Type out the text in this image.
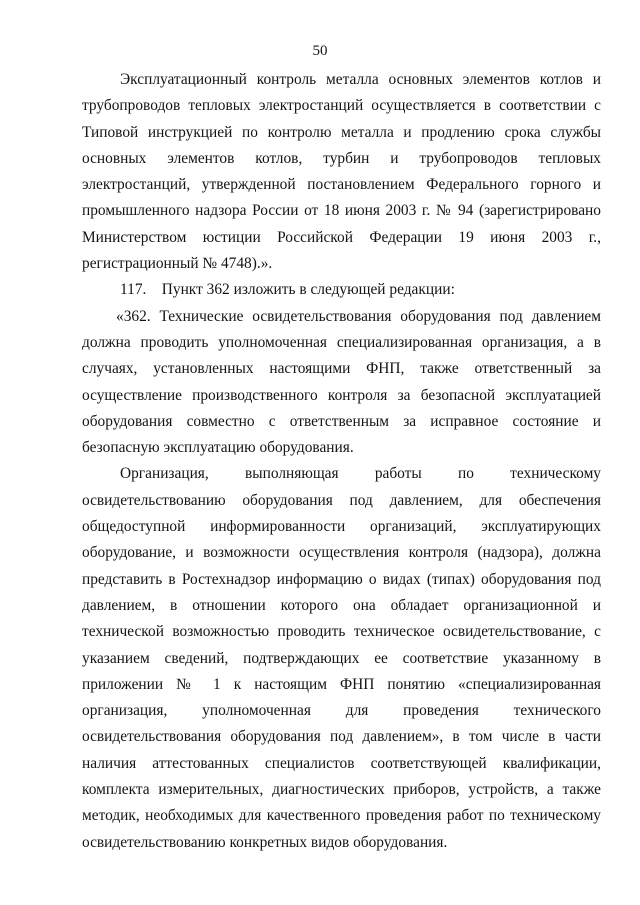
50

Эксплуатационный контроль металла основных элементов котлов и трубопроводов тепловых электростанций осуществляется в соответствии с Типовой инструкцией по контролю металла и продлению срока службы основных элементов котлов, турбин и трубопроводов тепловых электростанций, утвержденной постановлением Федерального горного и промышленного надзора России от 18 июня 2003 г. № 94 (зарегистрировано Министерством юстиции Российской Федерации 19 июня 2003 г., регистрационный № 4748).».

117.    Пункт 362 изложить в следующей редакции:

«362. Технические освидетельствования оборудования под давлением должна проводить уполномоченная специализированная организация, а в случаях, установленных настоящими ФНП, также ответственный за осуществление производственного контроля за безопасной эксплуатацией оборудования совместно с ответственным за исправное состояние и безопасную эксплуатацию оборудования.

Организация, выполняющая работы по техническому освидетельствованию оборудования под давлением, для обеспечения общедоступной информированности организаций, эксплуатирующих оборудование, и возможности осуществления контроля (надзора), должна представить в Ростехнадзор информацию о видах (типах) оборудования под давлением, в отношении которого она обладает организационной и технической возможностью проводить техническое освидетельствование, с указанием сведений, подтверждающих ее соответствие указанному в приложении № 1 к настоящим ФНП понятию «специализированная организация, уполномоченная для проведения технического освидетельствования оборудования под давлением», в том числе в части наличия аттестованных специалистов соответствующей квалификации, комплекта измерительных, диагностических приборов, устройств, а также методик, необходимых для качественного проведения работ по техническому освидетельствованию конкретных видов оборудования.
